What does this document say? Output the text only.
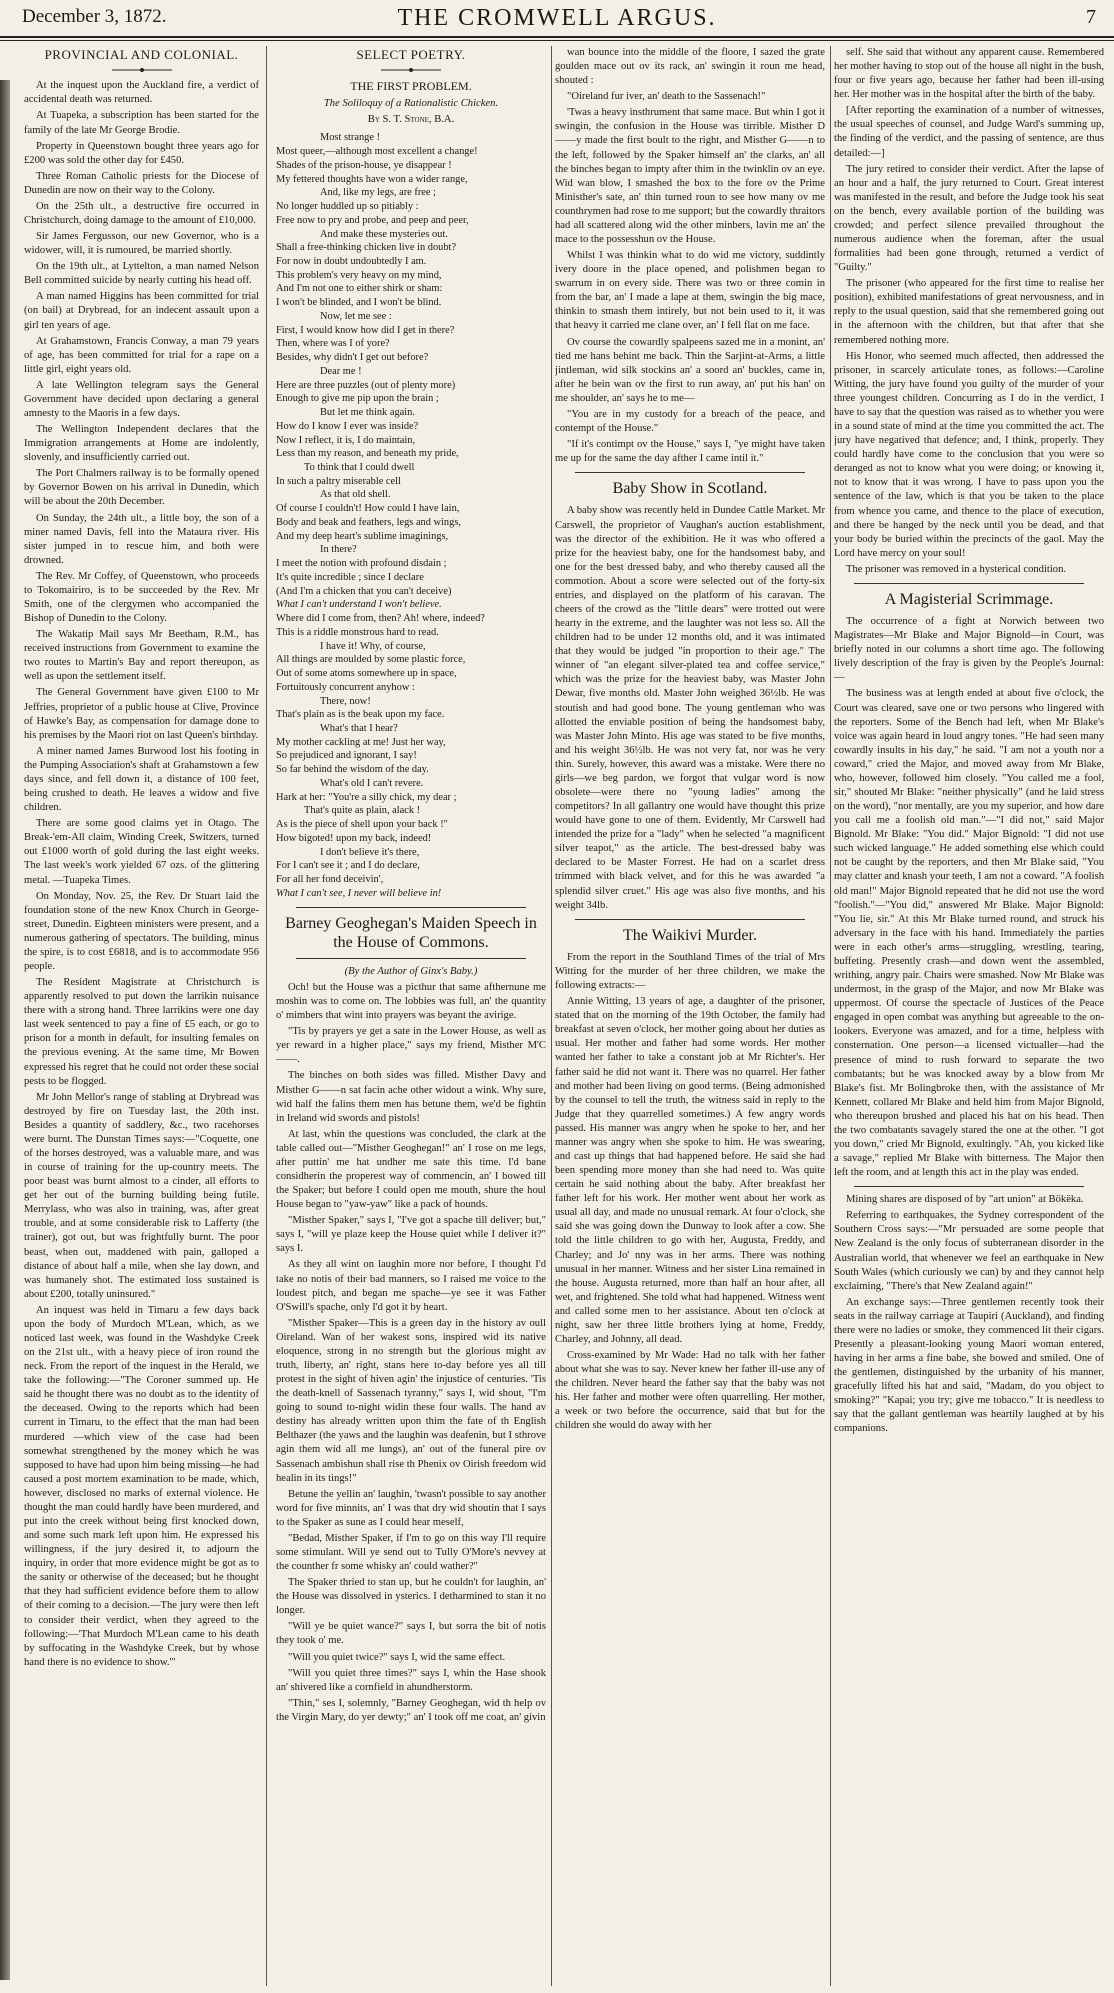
December 3, 1872.	THE CROMWELL ARGUS.	7
PROVINCIAL AND COLONIAL.

At the inquest upon the Auckland fire, a verdict of accidental death was returned.

At Tuapeka, a subscription has been started for the family of the late Mr George Brodie.

Property in Queenstown bought three years ago for £200 was sold the other day for £450.

Three Roman Catholic priests for the Diocese of Dunedin are now on their way to the Colony.

On the 25th ult., a destructive fire occurred in Christchurch, doing damage to the amount of £10,000.

Sir James Fergusson, our new Governor, who is a widower, will, it is rumoured, be married shortly.

On the 19th ult., at Lyttelton, a man named Nelson Bell committed suicide by nearly cutting his head off.

A man named Higgins has been committed for trial (on bail) at Drybread, for an indecent assault upon a girl ten years of age.

At Grahamstown, Francis Conway, a man 79 years of age, has been committed for trial for a rape on a little girl, eight years old.

A late Wellington telegram says the General Government have decided upon declaring a general amnesty to the Maoris in a few days.

The Wellington Independent declares that the Immigration arrangements at Home are indolently, slovenly, and insufficiently carried out.

The Port Chalmers railway is to be formally opened by Governor Bowen on his arrival in Dunedin, which will be about the 20th December.

On Sunday, the 24th ult., a little boy, the son of a miner named Davis, fell into the Mataura river. His sister jumped in to rescue him, and both were drowned.

The Rev. Mr Coffey, of Queenstown, who proceeds to Tokomairiro, is to be succeeded by the Rev. Mr Smith, one of the clergymen who accompanied the Bishop of Dunedin to the Colony.

The Wakatip Mail says Mr Beetham, R.M., has received instructions from Government to examine the two routes to Martin's Bay and report thereupon, as well as upon the settlement itself.

The General Government have given £100 to Mr Jeffries, proprietor of a public house at Clive, Province of Hawke's Bay, as compensation for damage done to his premises by the Maori riot on last Queen's birthday.

A miner named James Burwood lost his footing in the Pumping Association's shaft at Grahamstown a few days since, and fell down it, a distance of 100 feet, being crushed to death. He leaves a widow and five children.

There are some good claims yet in Otago. The Break-'em-All claim, Winding Creek, Switzers, turned out £1000 worth of gold during the last eight weeks. The last week's work yielded 67 ozs. of the glittering metal. —Tuapeka Times.

On Monday, Nov. 25, the Rev. Dr Stuart laid the foundation stone of the new Knox Church in George-street, Dunedin. Eighteen ministers were present, and a numerous gathering of spectators. The building, minus the spire, is to cost £6818, and is to accommodate 956 people.

The Resident Magistrate at Christchurch is apparently resolved to put down the larrikin nuisance there with a strong hand. Three larrikins were one day last week sentenced to pay a fine of £5 each, or go to prison for a month in default, for insulting females on the previous evening. At the same time, Mr Bowen expressed his regret that he could not order these social pests to be flogged.

Mr John Mellor's range of stabling at Drybread was destroyed by fire on Tuesday last, the 20th inst. Besides a quantity of saddlery, &c., two racehorses were burnt. The Dunstan Times says:—"Coquette, one of the horses destroyed, was a valuable mare, and was in course of training for the up-country meets. The poor beast was burnt almost to a cinder, all efforts to get her out of the burning building being futile. Merrylass, who was also in training, was, after great trouble, and at some considerable risk to Lafferty (the trainer), got out, but was frightfully burnt. The poor beast, when out, maddened with pain, galloped a distance of about half a mile, when she lay down, and was humanely shot. The estimated loss sustained is about £200, totally uninsured."

An inquest was held in Timaru a few days back upon the body of Murdoch M'Lean, which, as we noticed last week, was found in the Washdyke Creek on the 21st ult., with a heavy piece of iron round the neck. From the report of the inquest in the Herald, we take the following:—"The Coroner summed up. He said he thought there was no doubt as to the identity of the deceased. Owing to the reports which had been current in Timaru, to the effect that the man had been murdered —which view of the case had been somewhat strengthened by the money which he was supposed to have had upon him being missing—he had caused a post mortem examination to be made, which, however, disclosed no marks of external violence. He thought the man could hardly have been murdered, and put into the creek without being first knocked down, and some such mark left upon him. He expressed his willingness, if the jury desired it, to adjourn the inquiry, in order that more evidence might be got as to the sanity or otherwise of the deceased; but he thought that they had sufficient evidence before them to allow of their coming to a decision.—The jury were then left to consider their verdict, when they agreed to the following:—'That Murdoch M'Lean came to his death by suffocating in the Washdyke Creek, but by whose hand there is no evidence to show.'"

SELECT POETRY.
THE FIRST PROBLEM.
The Soliloquy of a Rationalistic Chicken.
By S. T. Stone, B.A.
Most strange !
Most queer,—although most excellent a change!
Shades of the prison-house, ye disappear !
My fettered thoughts have won a wider range,
And, like my legs, are free ;
No longer huddled up so pitiably :
Free now to pry and probe, and peep and peer,
And make these mysteries out.
Shall a free-thinking chicken live in doubt?
For now in doubt undoubtedly I am.
This problem's very heavy on my mind,
And I'm not one to either shirk or sham:
I won't be blinded, and I won't be blind.
Now, let me see :
First, I would know how did I get in there?
Then, where was I of yore?
Besides, why didn't I get out before?
Dear me !
Here are three puzzles (out of plenty more)
Enough to give me pip upon the brain ;
But let me think again.
How do I know I ever was inside?
Now I reflect, it is, I do maintain,
Less than my reason, and beneath my pride,
To think that I could dwell
In such a paltry miserable cell
As that old shell.
Of course I couldn't! How could I have lain,
Body and beak and feathers, legs and wings,
And my deep heart's sublime imaginings,
In there?
I meet the notion with profound disdain ;
It's quite incredible ; since I declare
(And I'm a chicken that you can't deceive)
What I can't understand I won't believe.
Where did I come from, then? Ah! where, indeed?
This is a riddle monstrous hard to read.
I have it! Why, of course,
All things are moulded by some plastic force,
Out of some atoms somewhere up in space,
Fortuitously concurrent anyhow :
There, now!
That's plain as is the beak upon my face.
What's that I hear?
My mother cackling at me! Just her way,
So prejudiced and ignorant, I say!
So far behind the wisdom of the day.
What's old I can't revere.
Hark at her: "You're a silly chick, my dear ;
That's quite as plain, alack !
As is the piece of shell upon your back !"
How bigoted! upon my back, indeed!
I don't believe it's there,
For I can't see it ; and I do declare,
For all her fond deceivin',
What I can't see, I never will believe in!
Barney Geoghegan's Maiden Speech in the House of Commons.
(By the Author of Ginx's Baby.)

Och! but the House was a picthur that same afthernune me moshin was to come on. The lobbies was full, an' the quantity o' mimbers that wint into prayers was beyant the avirige.

"Tis by prayers ye get a sate in the Lower House, as well as yer reward in a higher place," says my friend, Misther M'C——.

The binches on both sides was filled. Misther Davy and Misther G——n sat facin ache other widout a wink. Why sure, wid half the falins them men has betune them, we'd be fightin in Ireland wid swords and pistols!

At last, whin the questions was concluded, the clark at the table called out—"Misther Geoghegan!" an' I rose on me legs, after puttin' me hat undher me sate this time. I'd bane considherin the properest way of commencin, an' I bowed till the Spaker; but before I could open me mouth, shure the houl House began to "yaw-yaw" like a pack of hounds.

"Misther Spaker," says I, "I've got a spache till deliver; but," says I, "will ye plaze keep the House quiet while I deliver it?" says I.

As they all wint on laughin more nor before, I thought I'd take no notis of their bad manners, so I raised me voice to the loudest pitch, and began me spache—ye see it was Father O'Swill's spache, only I'd got it by heart.

"Misther Spaker—This is a green day in the history av oull Oireland. Wan of her wakest sons, inspired wid its native eloquence, strong in no strength but the glorious might av truth, liberty, an' right, stans here to-day before yes all till protest in the sight of hiven agin' the injustice of centuries. 'Tis the death-knell of Sassenach tyranny," says I, wid shout, "I'm going to sound to-night widin these four walls. The hand av destiny has already written upon thim the fate of th English Belthazer (the yaws and the laughin was deafenin, but I sthrove agin them wid all me lungs), an' out of the funeral pire ov Sassenach ambishun shall rise th Phenix ov Oirish freedom wid healin in its tings!"

Betune the yellin an' laughin, 'twasn't possible to say another word for five minnits, an' I was that dry wid shoutin that I says to the Spaker as sune as I could hear meself,

"Bedad, Misther Spaker, if I'm to go on this way I'll require some stimulant. Will ye send out to Tully O'More's nevvey at the counther fr some whisky an' could wather?"

The Spaker thried to stan up, but he couldn't for laughin, an' the House was dissolved in ysterics. I detharmined to stan it no longer.

"Will ye be quiet wance?" says I, but sorra the bit of notis they took o' me.

"Will you quiet twice?" says I, wid the same effect.

"Will you quiet three times?" says I, whin the Hase shook an' shivered like a cornfield in ahundherstorm.

"Thin," ses I, solemnly, "Barney Geoghegan, wid th help ov the Virgin Mary, do yer dewty;" an' I took off me coat, an' givin

wan bounce into the middle of the floore, I sazed the grate goulden mace out ov its rack, an' swingin it roun me head, shouted :

"Oireland fur iver, an' death to the Sassenach!"

'Twas a heavy insthrument that same mace. But whin I got it swingin, the confusion in the House was tirrible. Misther D——y made the first boult to the right, and Misther G——n to the left, followed by the Spaker himself an' the clarks, an' all the binches began to impty after thim in the twinklin ov an eye. Wid wan blow, I smashed the box to the fore ov the Prime Ministher's sate, an' thin turned roun to see how many ov me counthrymen had rose to me support; but the cowardly thraitors had all scattered along wid the other minbers, lavin me an' the mace to the possesshun ov the House.

Whilst I was thinkin what to do wid me victory, suddintly ivery doore in the place opened, and polishmen began to swarrum in on every side. There was two or three comin in from the bar, an' I made a lape at them, swingin the big mace, thinkin to smash them intirely, but not bein used to it, it was that heavy it carried me clane over, an' I fell flat on me face.

Ov course the cowardly spalpeens sazed me in a monint, an' tied me hans behint me back. Thin the Sarjint-at-Arms, a little jintleman, wid silk stockins an' a soord an' buckles, came in, after he bein wan ov the first to run away, an' put his han' on me shoulder, an' says he to me—

"You are in my custody for a breach of the peace, and contempt of the House."

"If it's contimpt ov the House," says I, "ye might have taken me up for the same the day afther I came intil it."

Baby Show in Scotland.

A baby show was recently held in Dundee Cattle Market. Mr Carswell, the proprietor of Vaughan's auction establishment, was the director of the exhibition. He it was who offered a prize for the heaviest baby, one for the handsomest baby, and one for the best dressed baby, and who thereby caused all the commotion. About a score were selected out of the forty-six entries, and displayed on the platform of his caravan. The cheers of the crowd as the "little dears" were trotted out were hearty in the extreme, and the laughter was not less so. All the children had to be under 12 months old, and it was intimated that they would be judged "in proportion to their age." The winner of "an elegant silver-plated tea and coffee service," which was the prize for the heaviest baby, was Master John Dewar, five months old. Master John weighed 36½lb. He was stoutish and had good bone. The young gentleman who was allotted the enviable position of being the handsomest baby, was Master John Minto. His age was stated to be five months, and his weight 36½lb. He was not very fat, nor was he very thin. Surely, however, this award was a mistake. Were there no girls—we beg pardon, we forgot that vulgar word is now obsolete—were there no "young ladies" among the competitors? In all gallantry one would have thought this prize would have gone to one of them. Evidently, Mr Carswell had intended the prize for a "lady" when he selected "a magnificent silver teapot," as the article. The best-dressed baby was declared to be Master Forrest. He had on a scarlet dress trimmed with black velvet, and for this he was awarded "a splendid silver cruet." His age was also five months, and his weight 34lb.

The Waikivi Murder.

From the report in the Southland Times of the trial of Mrs Witting for the murder of her three children, we make the following extracts:—

Annie Witting, 13 years of age, a daughter of the prisoner, stated that on the morning of the 19th October, the family had breakfast at seven o'clock, her mother going about her duties as usual. Her mother and father had some words. Her mother wanted her father to take a constant job at Mr Richter's. Her father said he did not want it. There was no quarrel. Her father and mother had been living on good terms. (Being admonished by the counsel to tell the truth, the witness said in reply to the Judge that they quarrelled sometimes.) A few angry words passed. His manner was angry when he spoke to her, and her manner was angry when she spoke to him. He was swearing, and cast up things that had happened before. He said she had been spending more money than she had need to. Was quite certain he said nothing about the baby. After breakfast her father left for his work. Her mother went about her work as usual all day, and made no unusual remark. At four o'clock, she said she was going down the Dunway to look after a cow. She told the little children to go with her, Augusta, Freddy, and Charley; and Jo' nny was in her arms. There was nothing unusual in her manner. Witness and her sister Lina remained in the house. Augusta returned, more than half an hour after, all wet, and frightened. She told what had happened. Witness went and called some men to her assistance. About ten o'clock at night, saw her three little brothers lying at home, Freddy, Charley, and Johnny, all dead.

Cross-examined by Mr Wade: Had no talk with her father about what she was to say. Never knew her father ill-use any of the children. Never heard the father say that the baby was not his. Her father and mother were often quarrelling. Her mother, a week or two before the occurrence, said that but for the children she would do away with her

self. She said that without any apparent cause. Remembered her mother having to stop out of the house all night in the bush, four or five years ago, because her father had been ill-using her. Her mother was in the hospital after the birth of the baby.

[After reporting the examination of a number of witnesses, the usual speeches of counsel, and Judge Ward's summing up, the finding of the verdict, and the passing of sentence, are thus detailed:—]

The jury retired to consider their verdict. After the lapse of an hour and a half, the jury returned to Court. Great interest was manifested in the result, and before the Judge took his seat on the bench, every available portion of the building was crowded; and perfect silence prevailed throughout the numerous audience when the foreman, after the usual formalities had been gone through, returned a verdict of "Guilty."

The prisoner (who appeared for the first time to realise her position), exhibited manifestations of great nervousness, and in reply to the usual question, said that she remembered going out in the afternoon with the children, but that after that she remembered nothing more.

His Honor, who seemed much affected, then addressed the prisoner, in scarcely articulate tones, as follows:—Caroline Witting, the jury have found you guilty of the murder of your three youngest children. Concurring as I do in the verdict, I have to say that the question was raised as to whether you were in a sound state of mind at the time you committed the act. The jury have negatived that defence; and, I think, properly. They could hardly have come to the conclusion that you were so deranged as not to know what you were doing; or knowing it, not to know that it was wrong. I have to pass upon you the sentence of the law, which is that you be taken to the place from whence you came, and thence to the place of execution, and there be hanged by the neck until you be dead, and that your body be buried within the precincts of the gaol. May the Lord have mercy on your soul!

The prisoner was removed in a hysterical condition.

A Magisterial Scrimmage.

The occurrence of a fight at Norwich between two Magistrates—Mr Blake and Major Bignold—in Court, was briefly noted in our columns a short time ago. The following lively description of the fray is given by the People's Journal:—

The business was at length ended at about five o'clock, the Court was cleared, save one or two persons who lingered with the reporters. Some of the Bench had left, when Mr Blake's voice was again heard in loud angry tones. "He had seen many cowardly insults in his day," he said. "I am not a youth nor a coward," cried the Major, and moved away from Mr Blake, who, however, followed him closely. "You called me a fool, sir," shouted Mr Blake: "neither physically" (and he laid stress on the word), "nor mentally, are you my superior, and how dare you call me a foolish old man."—"I did not," said Major Bignold. Mr Blake: "You did." Major Bignold: "I did not use such wicked language." He added something else which could not be caught by the reporters, and then Mr Blake said, "You may clatter and knash your teeth, I am not a coward. "A foolish old man!" Major Bignold repeated that he did not use the word "foolish."—"You did," answered Mr Blake. Major Bignold: "You lie, sir." At this Mr Blake turned round, and struck his adversary in the face with his hand. Immediately the parties were in each other's arms—struggling, wrestling, tearing, buffeting. Presently crash—and down went the assembled, writhing, angry pair. Chairs were smashed. Now Mr Blake was undermost, in the grasp of the Major, and now Mr Blake was uppermost. Of course the spectacle of Justices of the Peace engaged in open combat was anything but agreeable to the on-lookers. Everyone was amazed, and for a time, helpless with consternation. One person—a licensed victualler—had the presence of mind to rush forward to separate the two combatants; but he was knocked away by a blow from Mr Blake's fist. Mr Bolingbroke then, with the assistance of Mr Kennett, collared Mr Blake and held him from Major Bignold, who thereupon brushed and placed his hat on his head. Then the two combatants savagely stared the one at the other. "I got you down," cried Mr Bignold, exultingly. "Ah, you kicked like a savage," replied Mr Blake with bitterness. The Major then left the room, and at length this act in the play was ended.

Mining shares are disposed of by "art union" at Bökëka.

Referring to earthquakes, the Sydney correspondent of the Southern Cross says:—"Mr persuaded are some people that New Zealand is the only focus of subterranean disorder in the Australian world, that whenever we feel an earthquake in New South Wales (which curiously we can) by and they cannot help exclaiming, "There's that New Zealand again!"

An exchange says:—Three gentlemen recently took their seats in the railway carriage at Taupiri (Auckland), and finding there were no ladies or smoke, they commenced lit their cigars. Presently a pleasant-looking young Maori woman entered, having in her arms a fine babe, she bowed and smiled. One of the gentlemen, distinguished by the urbanity of his manner, gracefully lifted his hat and said, "Madam, do you object to smoking?" "Kapai; you try; give me tobacco." It is needless to say that the gallant gentleman was heartily laughed at by his companions.
